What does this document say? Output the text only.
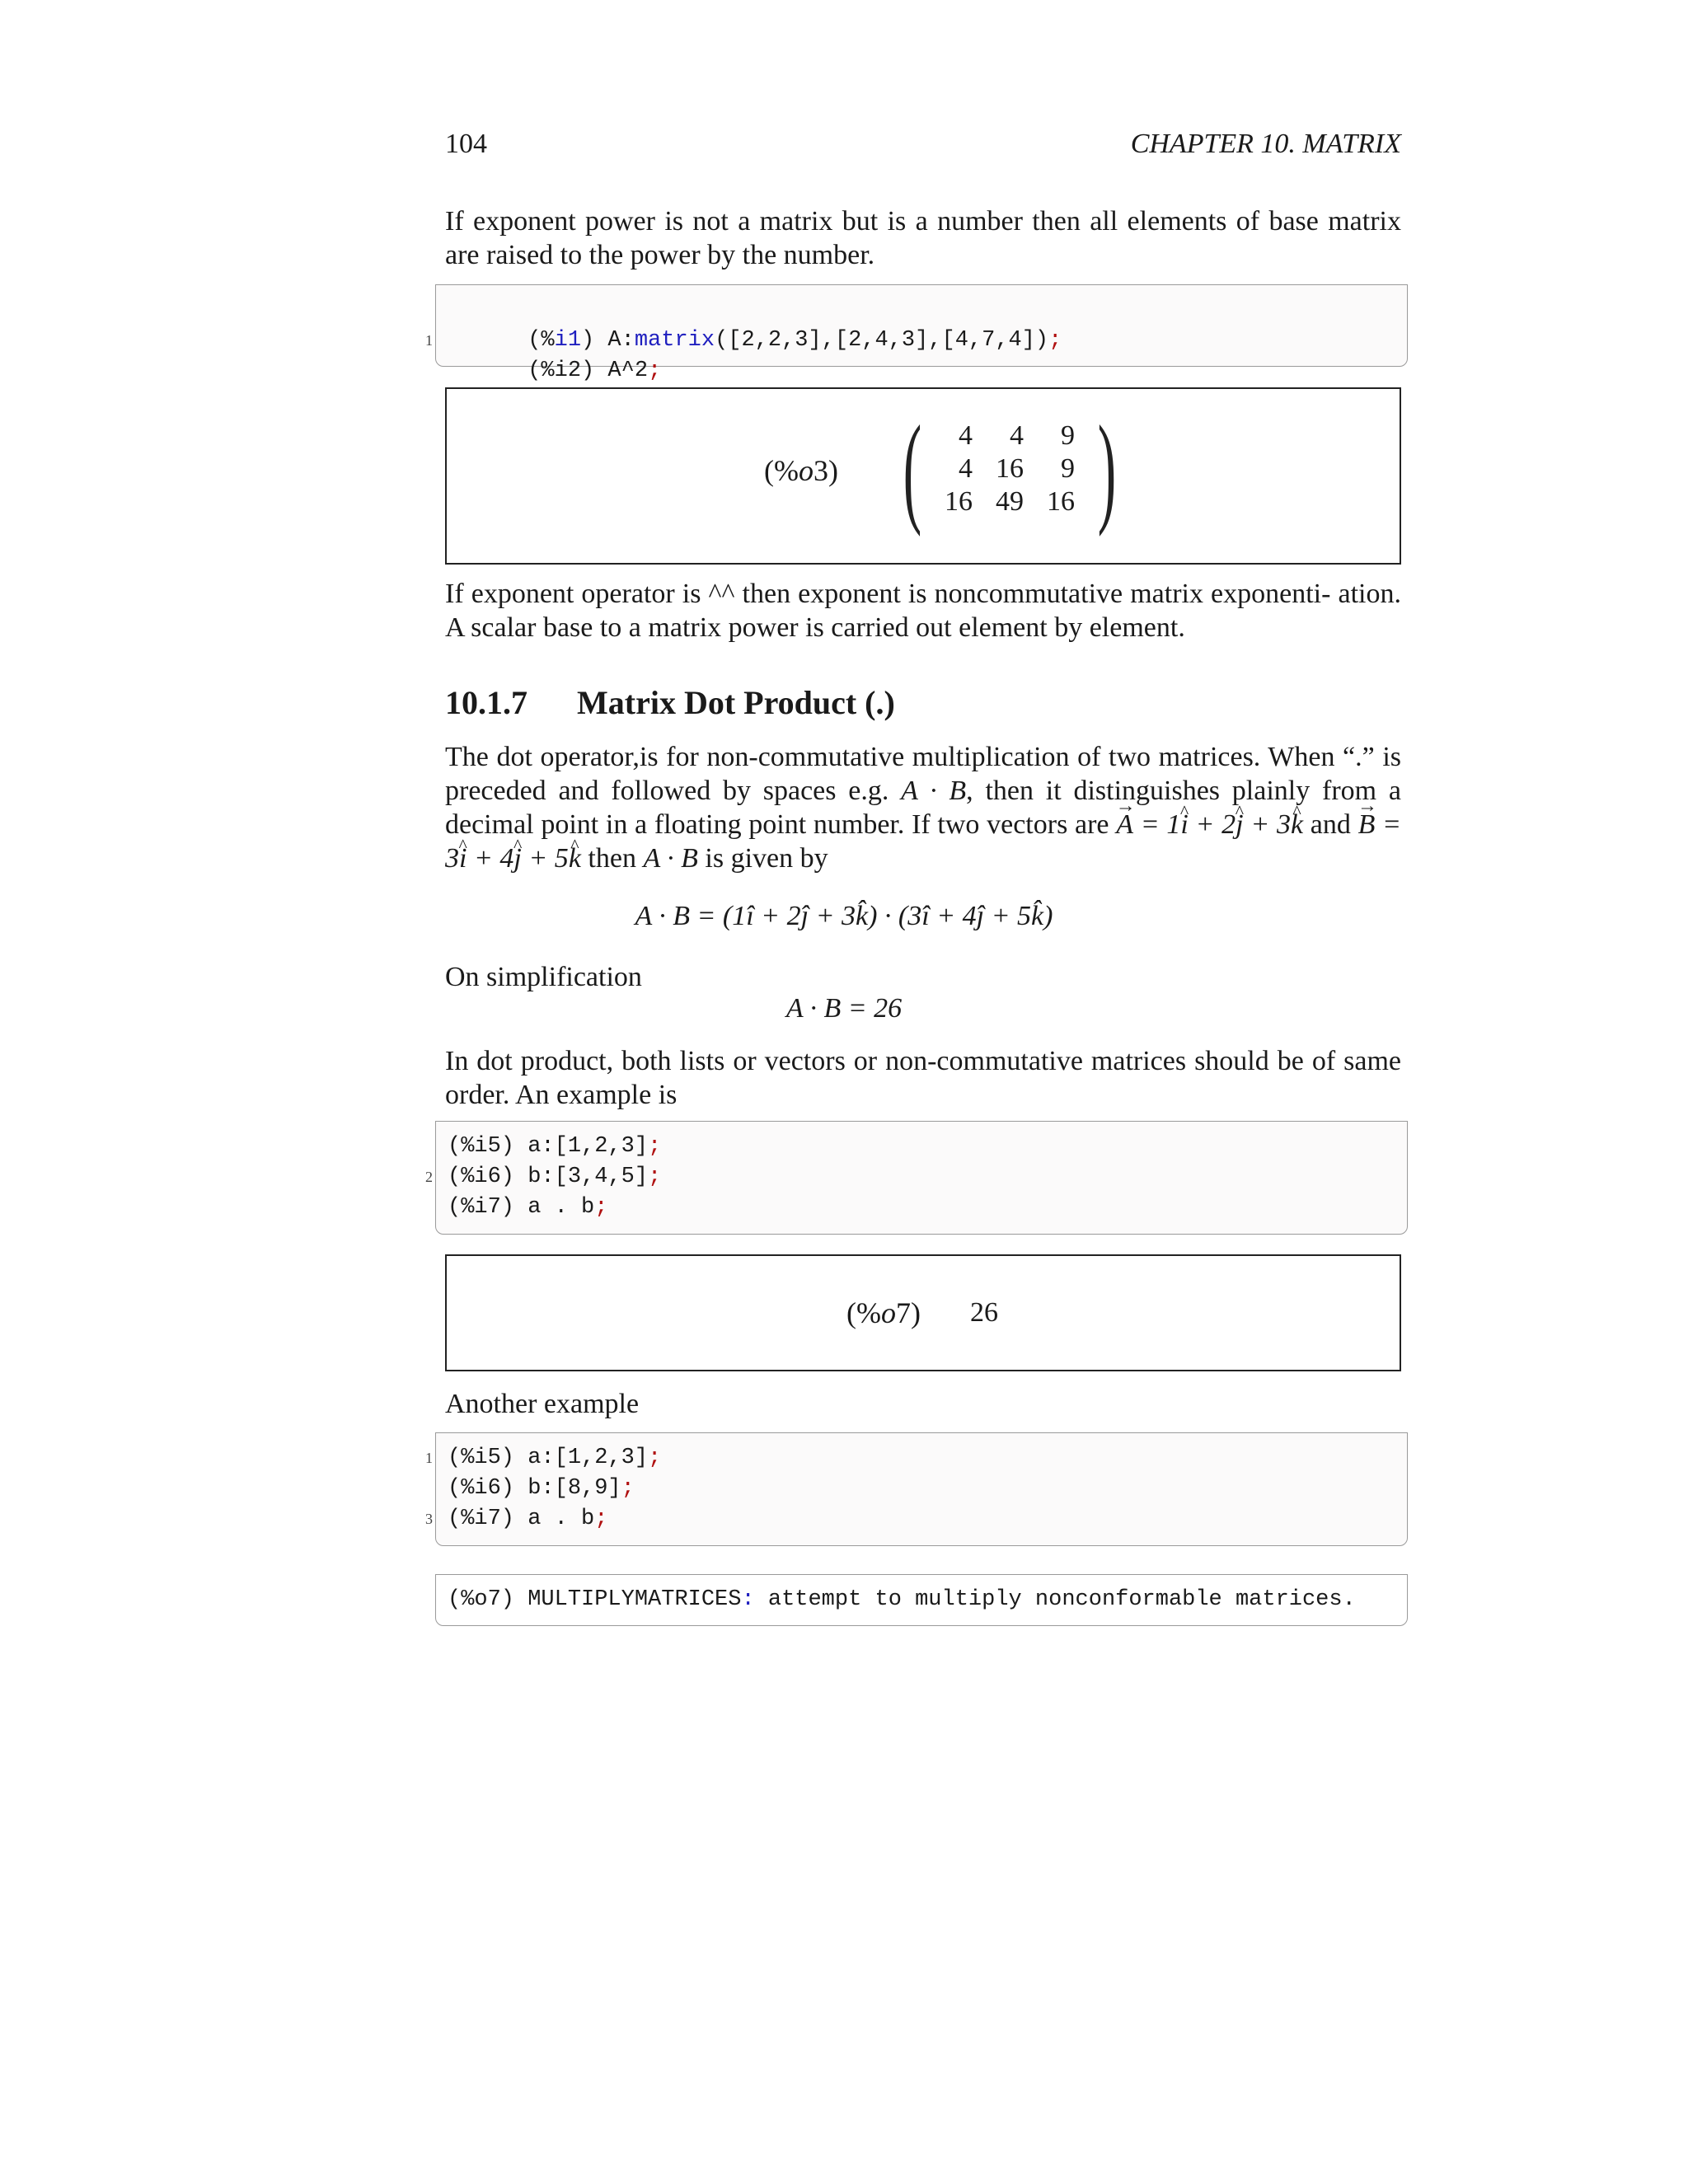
104	CHAPTER 10. MATRIX

If exponent power is not a matrix but is a number then all elements of base matrix are raised to the power by the number.

1	(%i1) A:matrix([2,2,3],[2,4,3],[4,7,4]);

(%i2) A^2;

(%o3) ( 4	4	9
4	16	9
16	49	16 )

If exponent operator is ^^ then exponent is noncommutative matrix exponenti- ation. A scalar base to a matrix power is carried out element by element.

10.1.7 Matrix Dot Product (.)

The dot operator,is for non-commutative multiplication of two matrices. When “.” is preceded and followed by spaces e.g. A · B, then it distinguishes plainly from a decimal point in a floating point number. If two vectors are A → = 1i ^ + 2j ^ + 3k ^ and B → = 3i ^ + 4j ^ + 5k ^ then A · B is given by

A · B = (1î + 2ĵ + 3k̂) · (3î + 4ĵ + 5k̂)

On simplification

A · B = 26

In dot product, both lists or vectors or non-commutative matrices should be of same order. An example is

(%i5) a:[1,2,3];
2 (%i6) b:[3,4,5];
(%i7) a . b;
(%o7) 26

Another example

1 (%i5) a:[1,2,3];
(%i6) b:[8,9];
3 (%i7) a . b;
(%o7) MULTIPLYMATRICES: attempt to multiply nonconformable matrices.
